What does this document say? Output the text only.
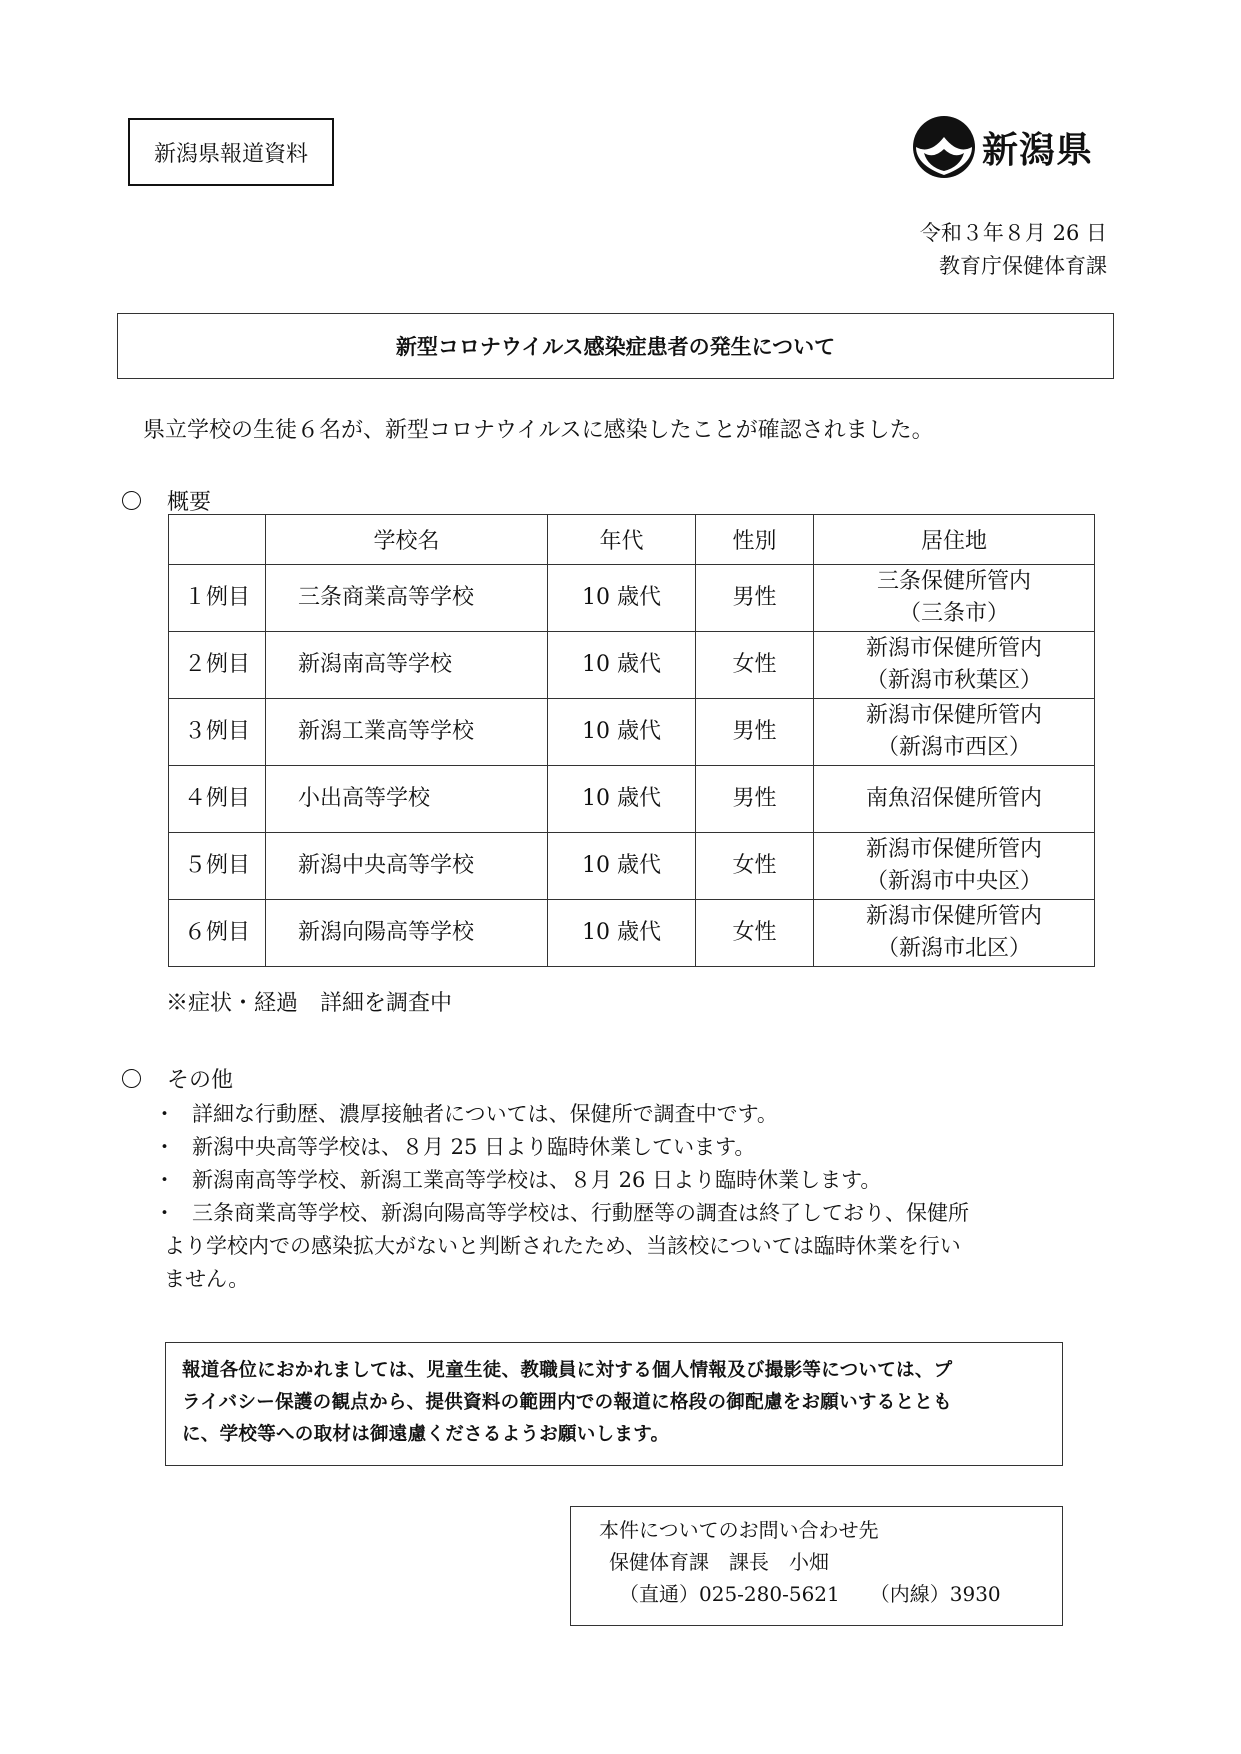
新潟県報道資料	新潟県
令和３年８月 26 日
教育庁保健体育課
新型コロナウイルス感染症患者の発生について
県立学校の生徒６名が、新型コロナウイルスに感染したことが確認されました。
概要
	学校名	年代	性別	居住地
１例目	三条商業高等学校	10 歳代	男性	三条保健所管内
（三条市）

２例目	新潟南高等学校	10 歳代	女性	新潟市保健所管内
（新潟市秋葉区）

３例目	新潟工業高等学校	10 歳代	男性	新潟市保健所管内
（新潟市西区）

４例目	小出高等学校	10 歳代	男性	南魚沼保健所管内

５例目	新潟中央高等学校	10 歳代	女性	新潟市保健所管内
（新潟市中央区）

６例目	新潟向陽高等学校	10 歳代	女性	新潟市保健所管内
（新潟市北区）
※症状・経過　詳細を調査中
その他
・ 詳細な行動歴、濃厚接触者については、保健所で調査中です。
・ 新潟中央高等学校は、８月 25 日より臨時休業しています。
・ 新潟南高等学校、新潟工業高等学校は、８月 26 日より臨時休業します。
・ 三条商業高等学校、新潟向陽高等学校は、行動歴等の調査は終了しており、保健所
より学校内での感染拡大がないと判断されたため、当該校については臨時休業を行い
ません。
報道各位におかれましては、児童生徒、教職員に対する個人情報及び撮影等については、プ
ライバシー保護の観点から、提供資料の範囲内での報道に格段の御配慮をお願いするととも
に、学校等への取材は御遠慮くださるようお願いします。
本件についてのお問い合わせ先
保健体育課　課長　小畑
（直通）025-280-5621　　（内線）3930
